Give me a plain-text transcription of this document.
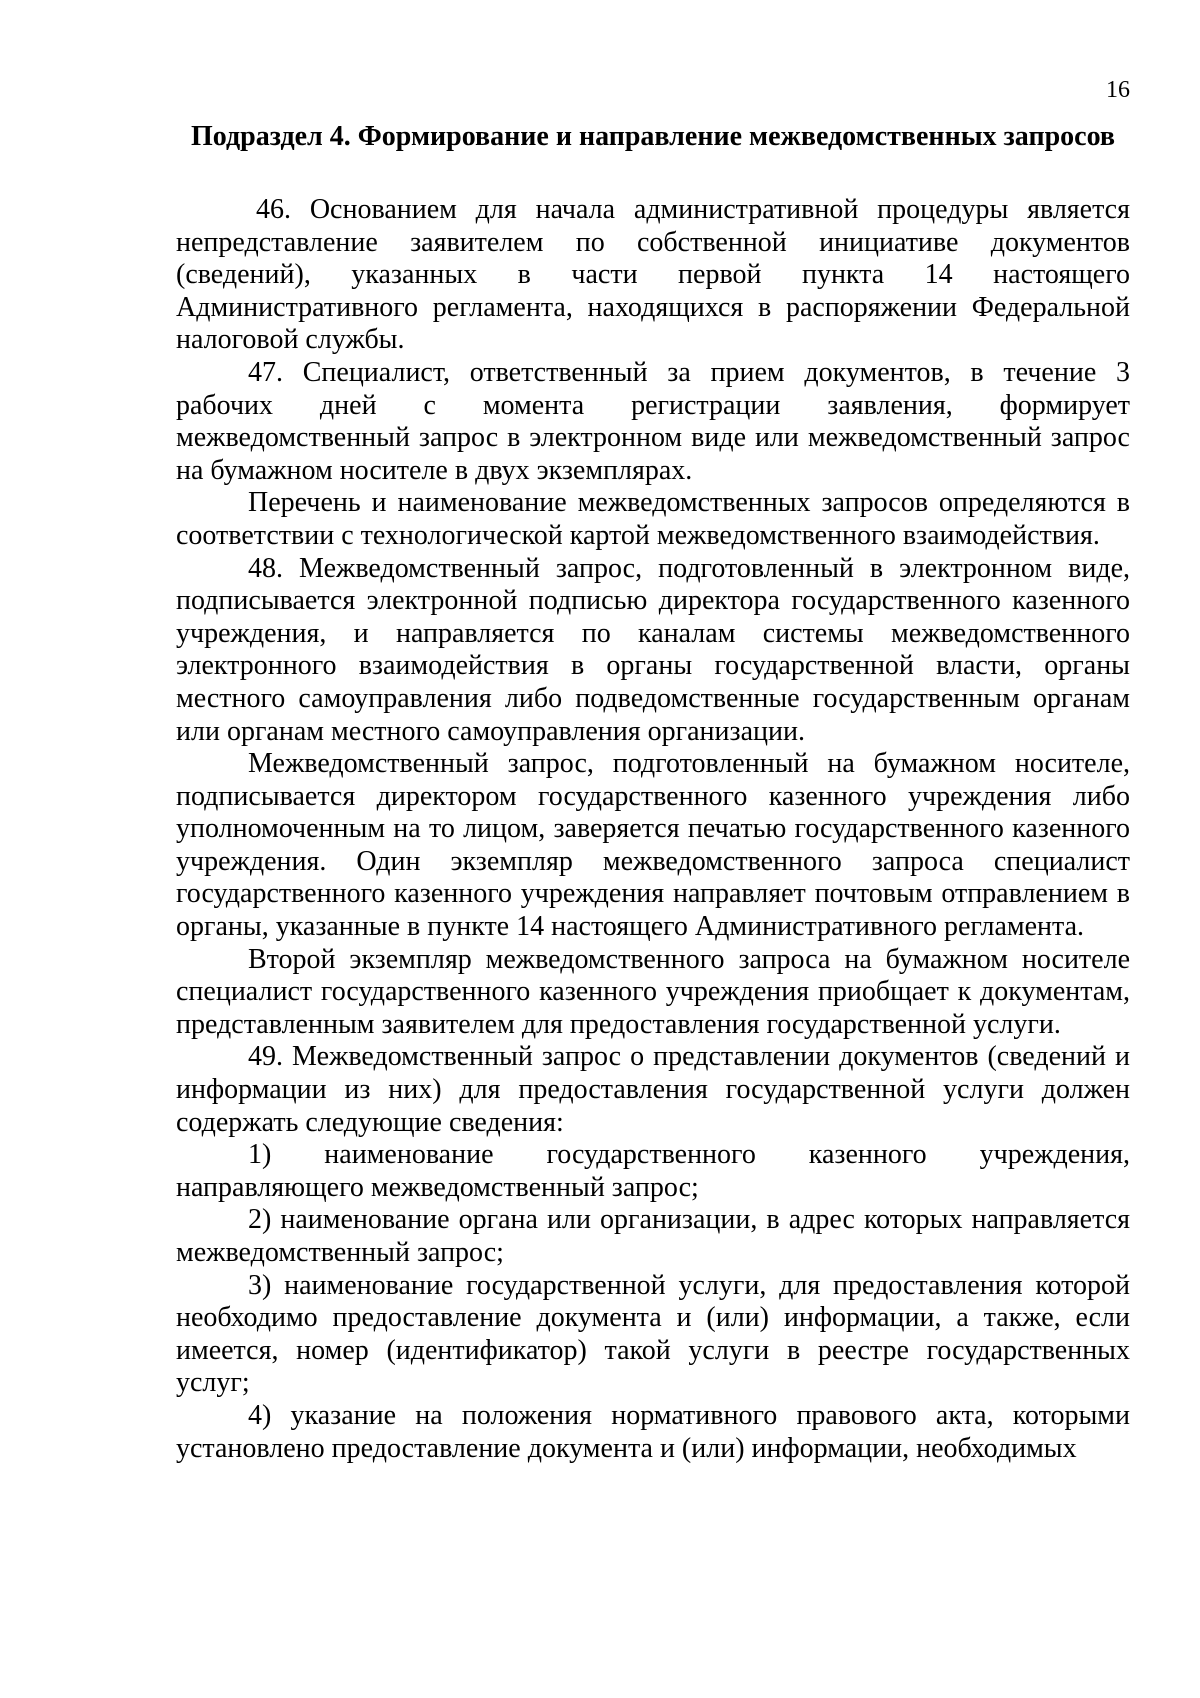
16
Подраздел 4. Формирование и направление межведомственных запросов

46. Основанием для начала административной процедуры является непредставление заявителем по собственной инициативе документов (сведений), указанных в части первой пункта 14 настоящего Административного регламента, находящихся в распоряжении Федеральной налоговой службы.

47. Специалист, ответственный за прием документов, в течение 3 рабочих дней с момента регистрации заявления, формирует межведомственный запрос в электронном виде или межведомственный запрос на бумажном носителе в двух экземплярах.

Перечень и наименование межведомственных запросов определяются в соответствии с технологической картой межведомственного взаимодействия.

48. Межведомственный запрос, подготовленный в электронном виде, подписывается электронной подписью директора государственного казенного учреждения, и направляется по каналам системы межведомственного электронного взаимодействия в органы государственной власти, органы местного самоуправления либо подведомственные государственным органам или органам местного самоуправления организации.

Межведомственный запрос, подготовленный на бумажном носителе, подписывается директором государственного казенного учреждения либо уполномоченным на то лицом, заверяется печатью государственного казенного учреждения. Один экземпляр межведомственного запроса специалист государственного казенного учреждения направляет почтовым отправлением в органы, указанные в пункте 14 настоящего Административного регламента.

Второй экземпляр межведомственного запроса на бумажном носителе специалист государственного казенного учреждения приобщает к документам, представленным заявителем для предоставления государственной услуги.

49. Межведомственный запрос о представлении документов (сведений и информации из них) для предоставления государственной услуги должен содержать следующие сведения:

1) наименование государственного казенного учреждения, направляющего межведомственный запрос;

2) наименование органа или организации, в адрес которых направляется межведомственный запрос;

3) наименование государственной услуги, для предоставления которой необходимо предоставление документа и (или) информации, а также, если имеется, номер (идентификатор) такой услуги в реестре государственных услуг;

4) указание на положения нормативного правового акта, которыми установлено предоставление документа и (или) информации, необходимых
